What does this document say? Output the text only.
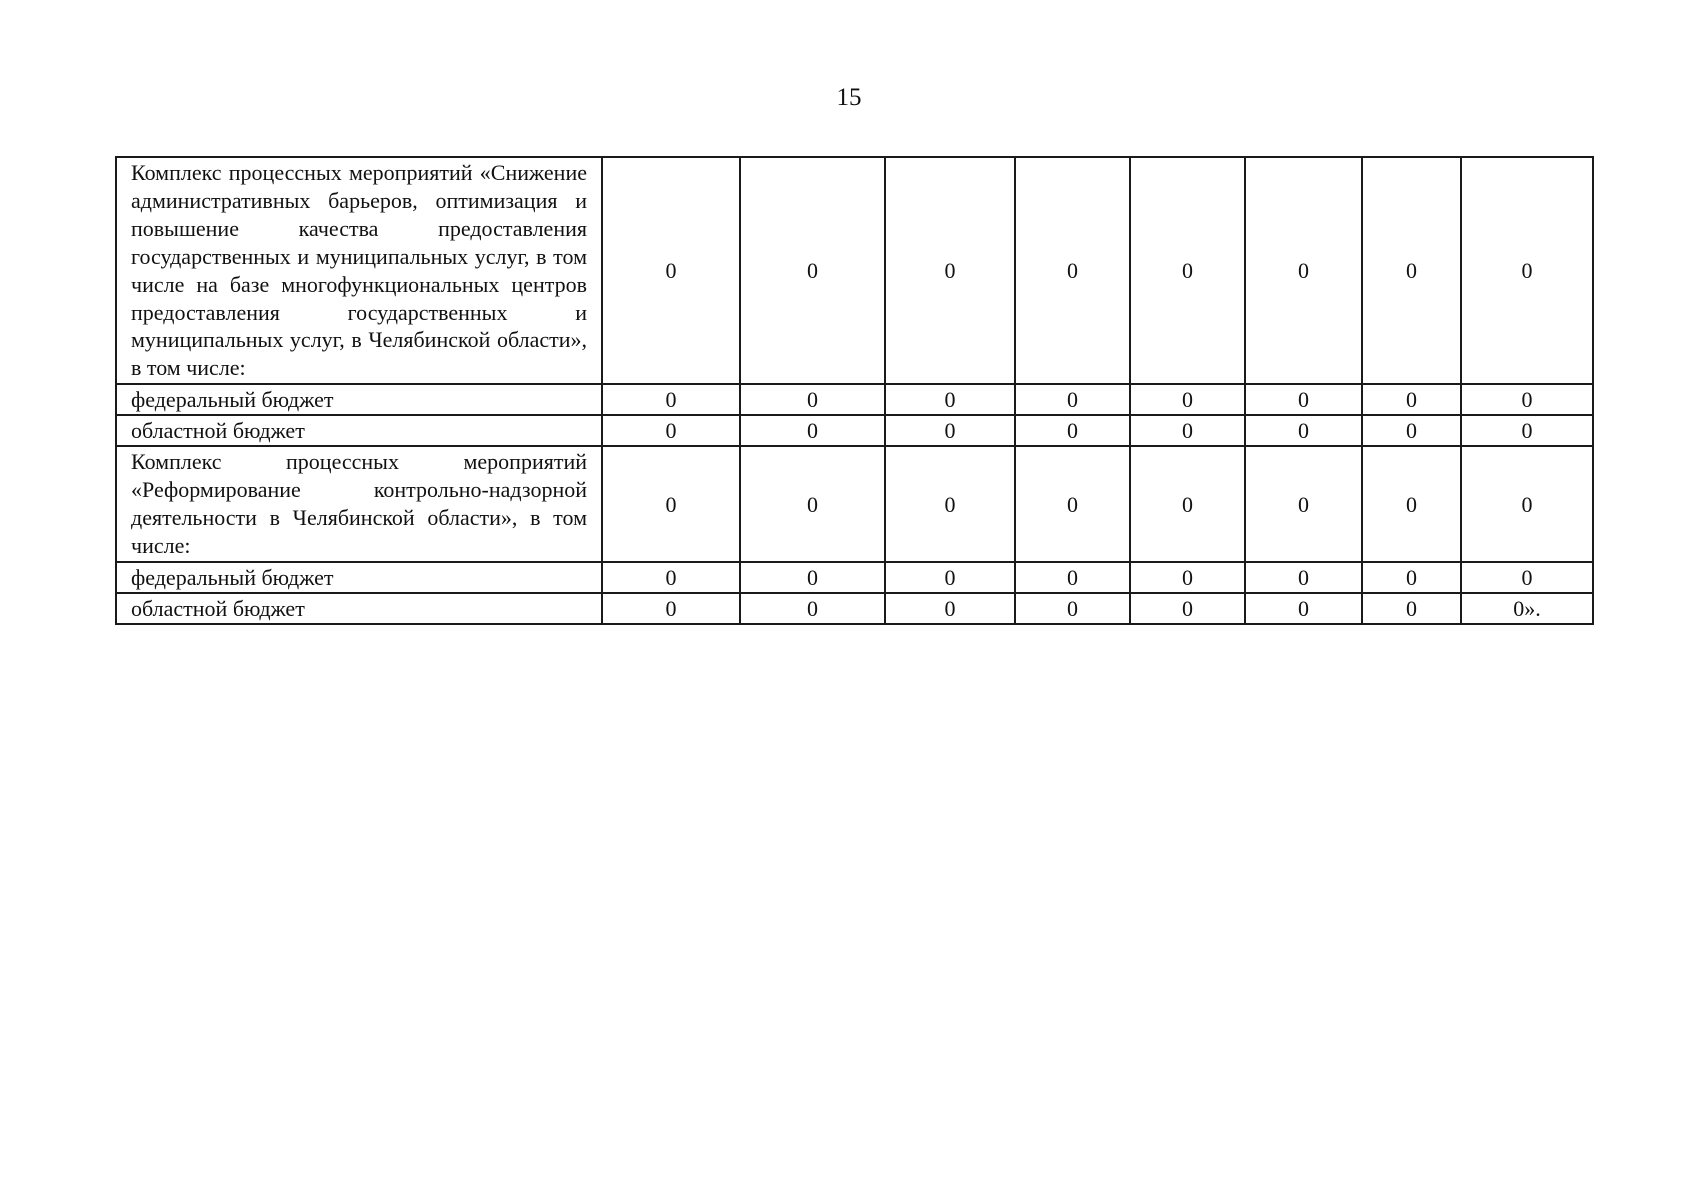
15
Комплекс процессных мероприятий «Снижение административных барьеров, оптимизация и повышение качества предоставления государственных и муниципальных услуг, в том числе на базе многофункциональных центров предоставления государственных и муниципальных услуг, в Челябинской области», в том числе:	0	0	0	0	0	0	0	0
федеральный бюджет	0	0	0	0	0	0	0	0
областной бюджет	0	0	0	0	0	0	0	0
Комплекс процессных мероприятий «Реформирование контрольно-надзорной деятельности в Челябинской области», в том числе:	0	0	0	0	0	0	0	0
федеральный бюджет	0	0	0	0	0	0	0	0
областной бюджет	0	0	0	0	0	0	0	0».
